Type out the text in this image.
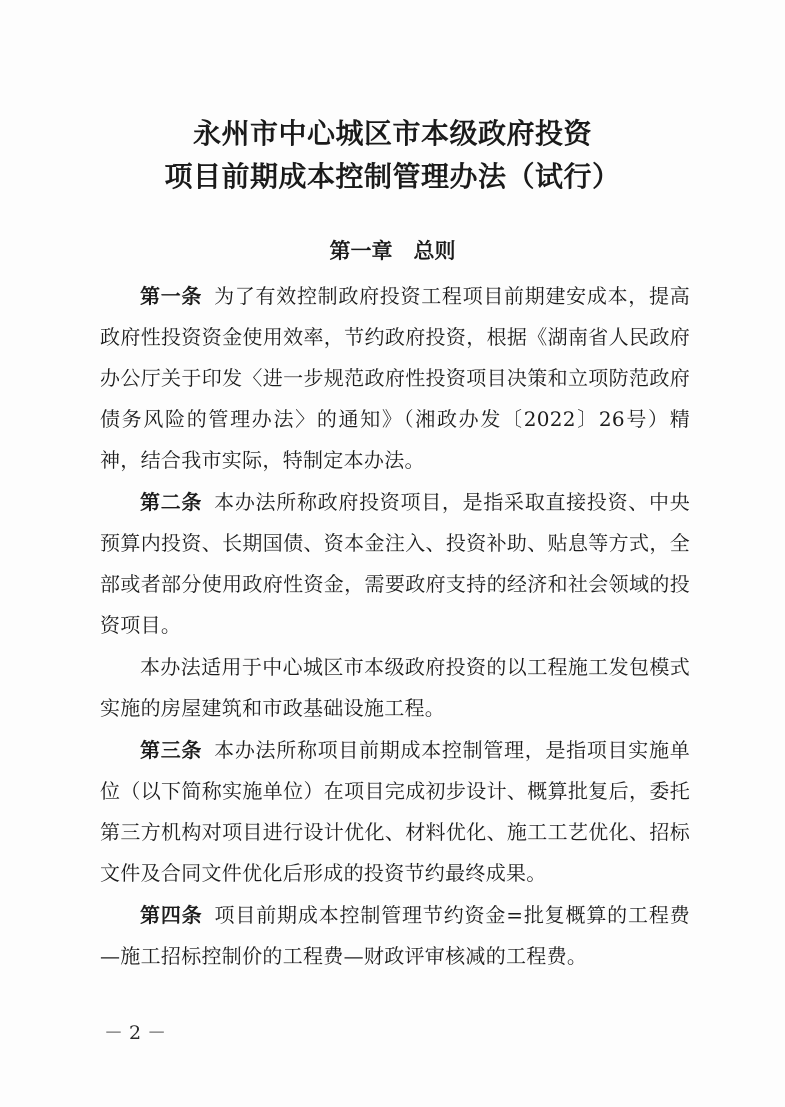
永州市中心城区市本级政府投资
项目前期成本控制管理办法（试行）
第一章　总则

第一条 为了有效控制政府投资工程项目前期建安成本，提高政府性投资资金使用效率，节约政府投资，根据《湖南省人民政府办公厅关于印发〈进一步规范政府性投资项目决策和立项防范政府债务风险的管理办法〉的通知》（湘政办发〔2022〕26号）精神，结合我市实际，特制定本办法。

第二条 本办法所称政府投资项目，是指采取直接投资、中央预算内投资、长期国债、资本金注入、投资补助、贴息等方式，全部或者部分使用政府性资金，需要政府支持的经济和社会领域的投资项目。

本办法适用于中心城区市本级政府投资的以工程施工发包模式实施的房屋建筑和市政基础设施工程。

第三条 本办法所称项目前期成本控制管理，是指项目实施单位（以下简称实施单位）在项目完成初步设计、概算批复后，委托第三方机构对项目进行设计优化、材料优化、施工工艺优化、招标文件及合同文件优化后形成的投资节约最终成果。

第四条 项目前期成本控制管理节约资金=批复概算的工程费—施工招标控制价的工程费—财政评审核减的工程费。

－ 2 －
